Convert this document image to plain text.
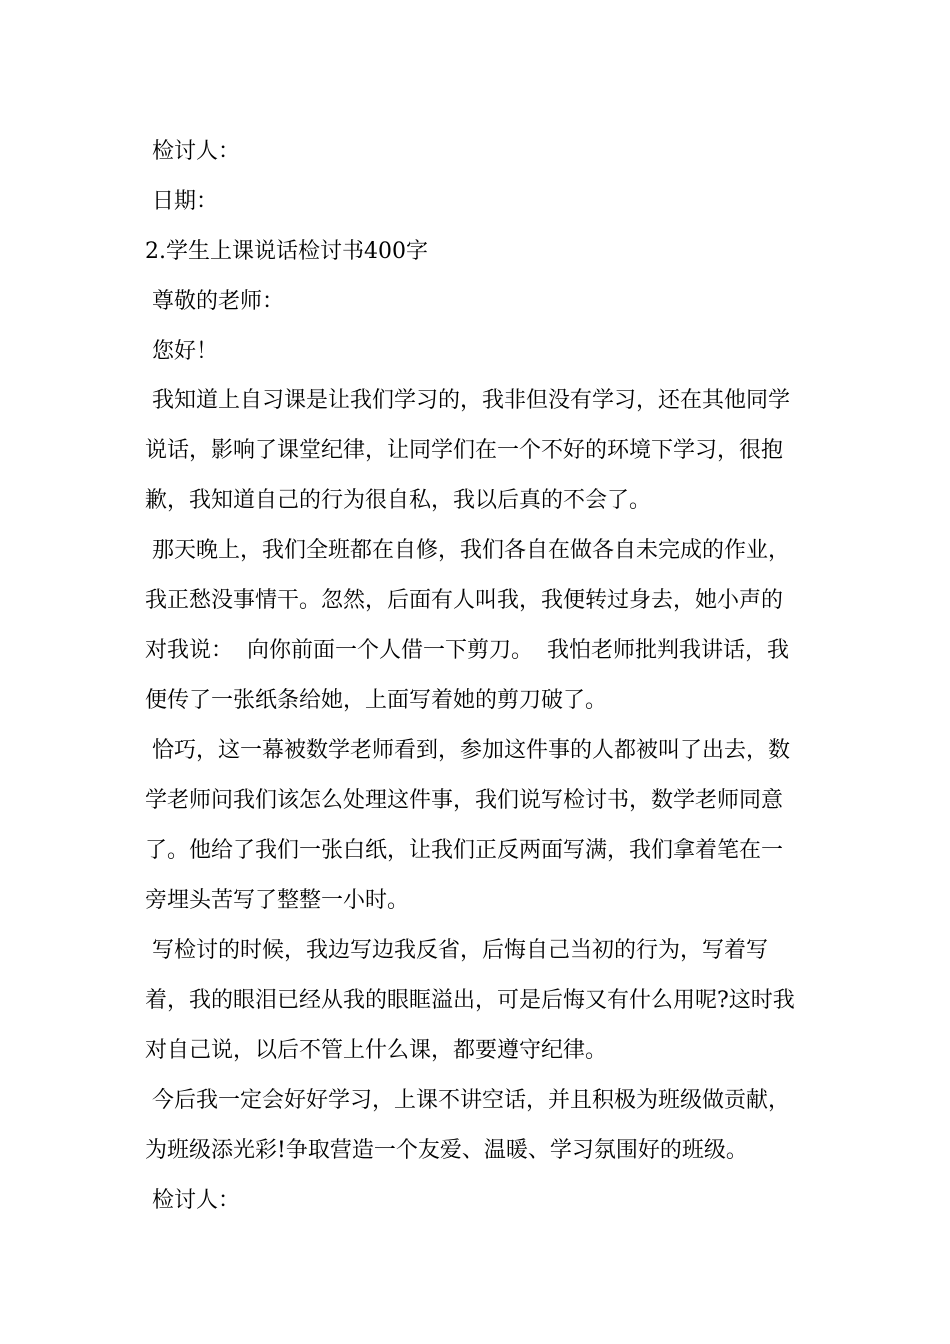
检讨人：
日期：
2.学生上课说话检讨书400字
尊敬的老师：
您好！
我知道上自习课是让我们学习的，我非但没有学习，还在其他同学
说话，影响了课堂纪律，让同学们在一个不好的环境下学习，很抱
歉，我知道自己的行为很自私，我以后真的不会了。
那天晚上，我们全班都在自修，我们各自在做各自未完成的作业，
我正愁没事情干。忽然，后面有人叫我，我便转过身去，她小声的
对我说：  向你前面一个人借一下剪刀。  我怕老师批判我讲话，我
便传了一张纸条给她，上面写着她的剪刀破了。
恰巧，这一幕被数学老师看到，参加这件事的人都被叫了出去，数
学老师问我们该怎么处理这件事，我们说写检讨书，数学老师同意
了。他给了我们一张白纸，让我们正反两面写满，我们拿着笔在一
旁埋头苦写了整整一小时。
写检讨的时候，我边写边我反省，后悔自己当初的行为，写着写
着，我的眼泪已经从我的眼眶溢出，可是后悔又有什么用呢?这时我
对自己说，以后不管上什么课，都要遵守纪律。
今后我一定会好好学习，上课不讲空话，并且积极为班级做贡献，
为班级添光彩!争取营造一个友爱、温暖、学习氛围好的班级。
检讨人：
